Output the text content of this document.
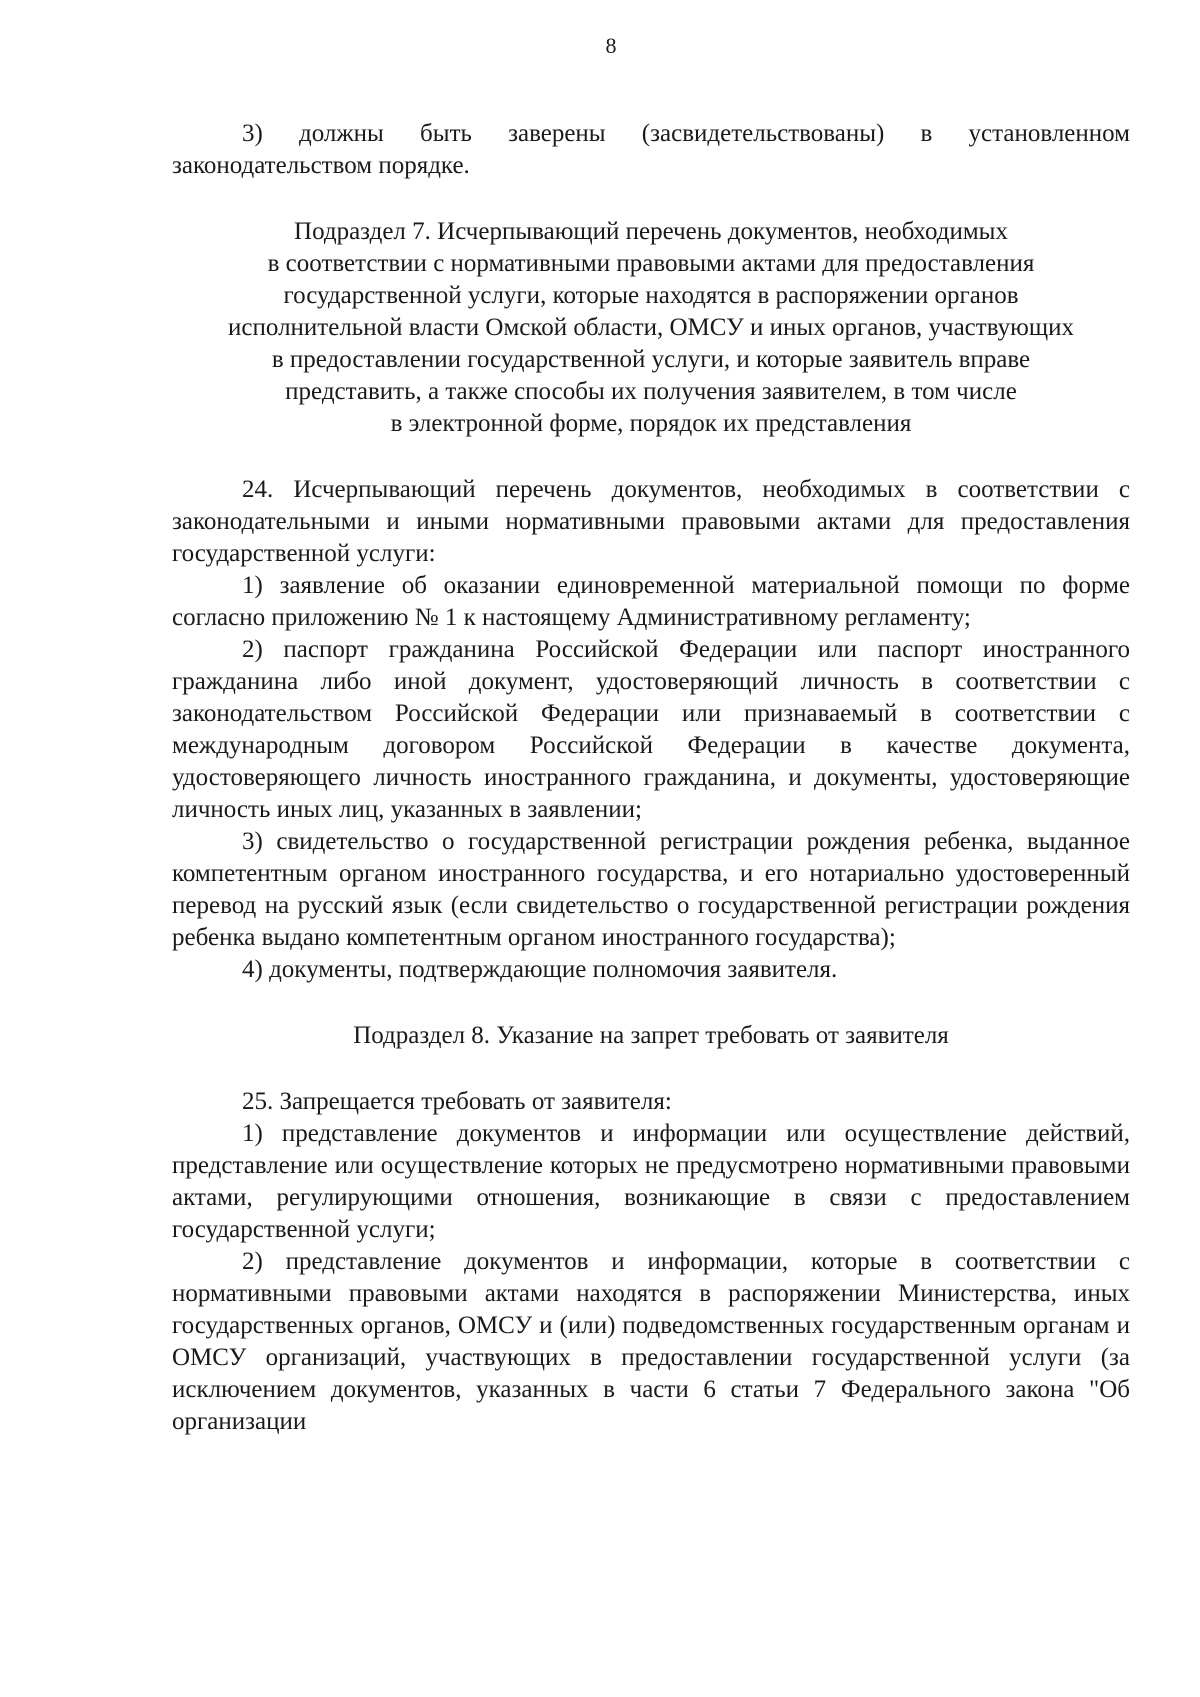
8

3) должны быть заверены (засвидетельствованы) в установленном законодательством порядке.

Подраздел 7. Исчерпывающий перечень документов, необходимых
в соответствии с нормативными правовыми актами для предоставления
государственной услуги, которые находятся в распоряжении органов
исполнительной власти Омской области, ОМСУ и иных органов, участвующих
в предоставлении государственной услуги, и которые заявитель вправе
представить, а также способы их получения заявителем, в том числе
в электронной форме, порядок их представления

24. Исчерпывающий перечень документов, необходимых в соответствии с законодательными и иными нормативными правовыми актами для предоставления государственной услуги:

1) заявление об оказании единовременной материальной помощи по форме согласно приложению № 1 к настоящему Административному регламенту;

2) паспорт гражданина Российской Федерации или паспорт иностранного гражданина либо иной документ, удостоверяющий личность в соответствии с законодательством Российской Федерации или признаваемый в соответствии с международным договором Российской Федерации в качестве документа, удостоверяющего личность иностранного гражданина, и документы, удостоверяющие личность иных лиц, указанных в заявлении;

3) свидетельство о государственной регистрации рождения ребенка, выданное компетентным органом иностранного государства, и его нотариально удостоверенный перевод на русский язык (если свидетельство о государственной регистрации рождения ребенка выдано компетентным органом иностранного государства);

4) документы, подтверждающие полномочия заявителя.

Подраздел 8. Указание на запрет требовать от заявителя

25. Запрещается требовать от заявителя:

1) представление документов и информации или осуществление действий, представление или осуществление которых не предусмотрено нормативными правовыми актами, регулирующими отношения, возникающие в связи с предоставлением государственной услуги;

2) представление документов и информации, которые в соответствии с нормативными правовыми актами находятся в распоряжении Министерства, иных государственных органов, ОМСУ и (или) подведомственных государственным органам и ОМСУ организаций, участвующих в предоставлении государственной услуги (за исключением документов, указанных в части 6 статьи 7 Федерального закона "Об организации
